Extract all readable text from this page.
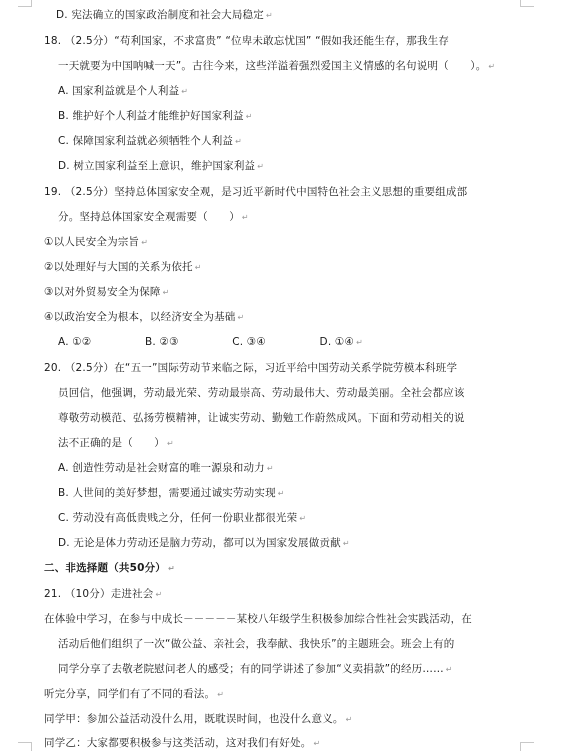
D. 宪法确立的国家政治制度和社会大局稳定 ↵
18. （2.5分）“苟利国家，不求富贵” “位卑未敢忘忧国” “假如我还能生存，那我生存
一天就要为中国呐喊一天”。古往今来，这些洋溢着强烈爱国主义情感的名句说明（　　）。 ↵
A. 国家利益就是个人利益 ↵
B. 维护好个人利益才能维护好国家利益 ↵
C. 保障国家利益就必须牺牲个人利益 ↵
D. 树立国家利益至上意识，维护国家利益 ↵
19. （2.5分）坚持总体国家安全观，是习近平新时代中国特色社会主义思想的重要组成部
分。坚持总体国家安全观需要（　　） ↵
①以人民安全为宗旨 ↵
②以处理好与大国的关系为依托 ↵
③以对外贸易安全为保障 ↵
④以政治安全为根本，以经济安全为基础 ↵
A. ①②　　　　　B. ②③　　　　　C. ③④　　　　　D. ①④ ↵
20. （2.5分）在“五一”国际劳动节来临之际，习近平给中国劳动关系学院劳模本科班学
员回信，他强调，劳动最光荣、劳动最崇高、劳动最伟大、劳动最美丽。全社会都应该
尊敬劳动模范、弘扬劳模精神，让诚实劳动、勤勉工作蔚然成风。下面和劳动相关的说
法不正确的是（　　） ↵
A. 创造性劳动是社会财富的唯一源泉和动力 ↵
B. 人世间的美好梦想，需要通过诚实劳动实现 ↵
C. 劳动没有高低贵贱之分，任何一份职业都很光荣 ↵
D. 无论是体力劳动还是脑力劳动，都可以为国家发展做贡献 ↵
二、非选择题（共50分） ↵
21. （10分）走进社会 ↵
在体验中学习，在参与中成长－－－－－某校八年级学生积极参加综合性社会实践活动，在
活动后他们组织了一次“做公益、亲社会，我奉献、我快乐”的主题班会。班会上有的
同学分享了去敬老院慰问老人的感受；有的同学讲述了参加“义卖捐款”的经历…… ↵
听完分享，同学们有了不同的看法。 ↵
同学甲：参加公益活动没什么用，既耽误时间，也没什么意义。 ↵
同学乙：大家都要积极参与这类活动，这对我们有好处。 ↵
